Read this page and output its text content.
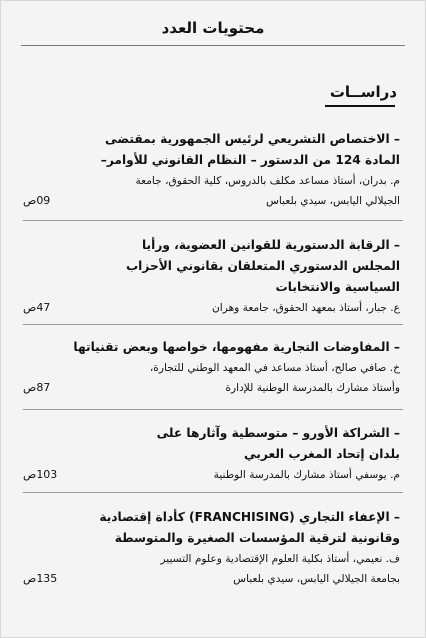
محتويات العدد
دراســات
– الاختصاص التشريعي لرئيس الجمهورية بمقتضى
المادة 124 من الدستور – النظام القانوني للأوامر–
م. بدران، أستاذ مساعد مكلف بالدروس، كلية الحقوق، جامعة
الجيلالي اليابس، سيدي بلعباس
09ص
– الرقابة الدستورية للقوانين العضوية، ورأيا
المجلس الدستوري المتعلقان بقانوني الأحزاب
السياسية والانتخابات
ع. جبار، أستاذ بمعهد الحقوق، جامعة وهران
47ص
– المفاوضات التجارية مفهومها، خواصها وبعض تقنياتها
خ. صافي صالح، أستاذ مساعد في المعهد الوطني للتجارة،
وأستاذ مشارك بالمدرسة الوطنية للإدارة
87ص
– الشراكة الأورو – متوسطية وآثارها على
بلدان إتحاد المغرب العربي
م. يوسفي أستاذ مشارك بالمدرسة الوطنية
103ص
– الإعفاء التجاري (FRANCHISING) كأداة إقتصادية
وقانونية لترقية المؤسسات الصغيرة والمتوسطة
ف. نعيمي، أستاذ بكلية العلوم الإقتصادية وعلوم التسيير
بجامعة الجيلالي اليابس، سيدي بلعباس
135ص
